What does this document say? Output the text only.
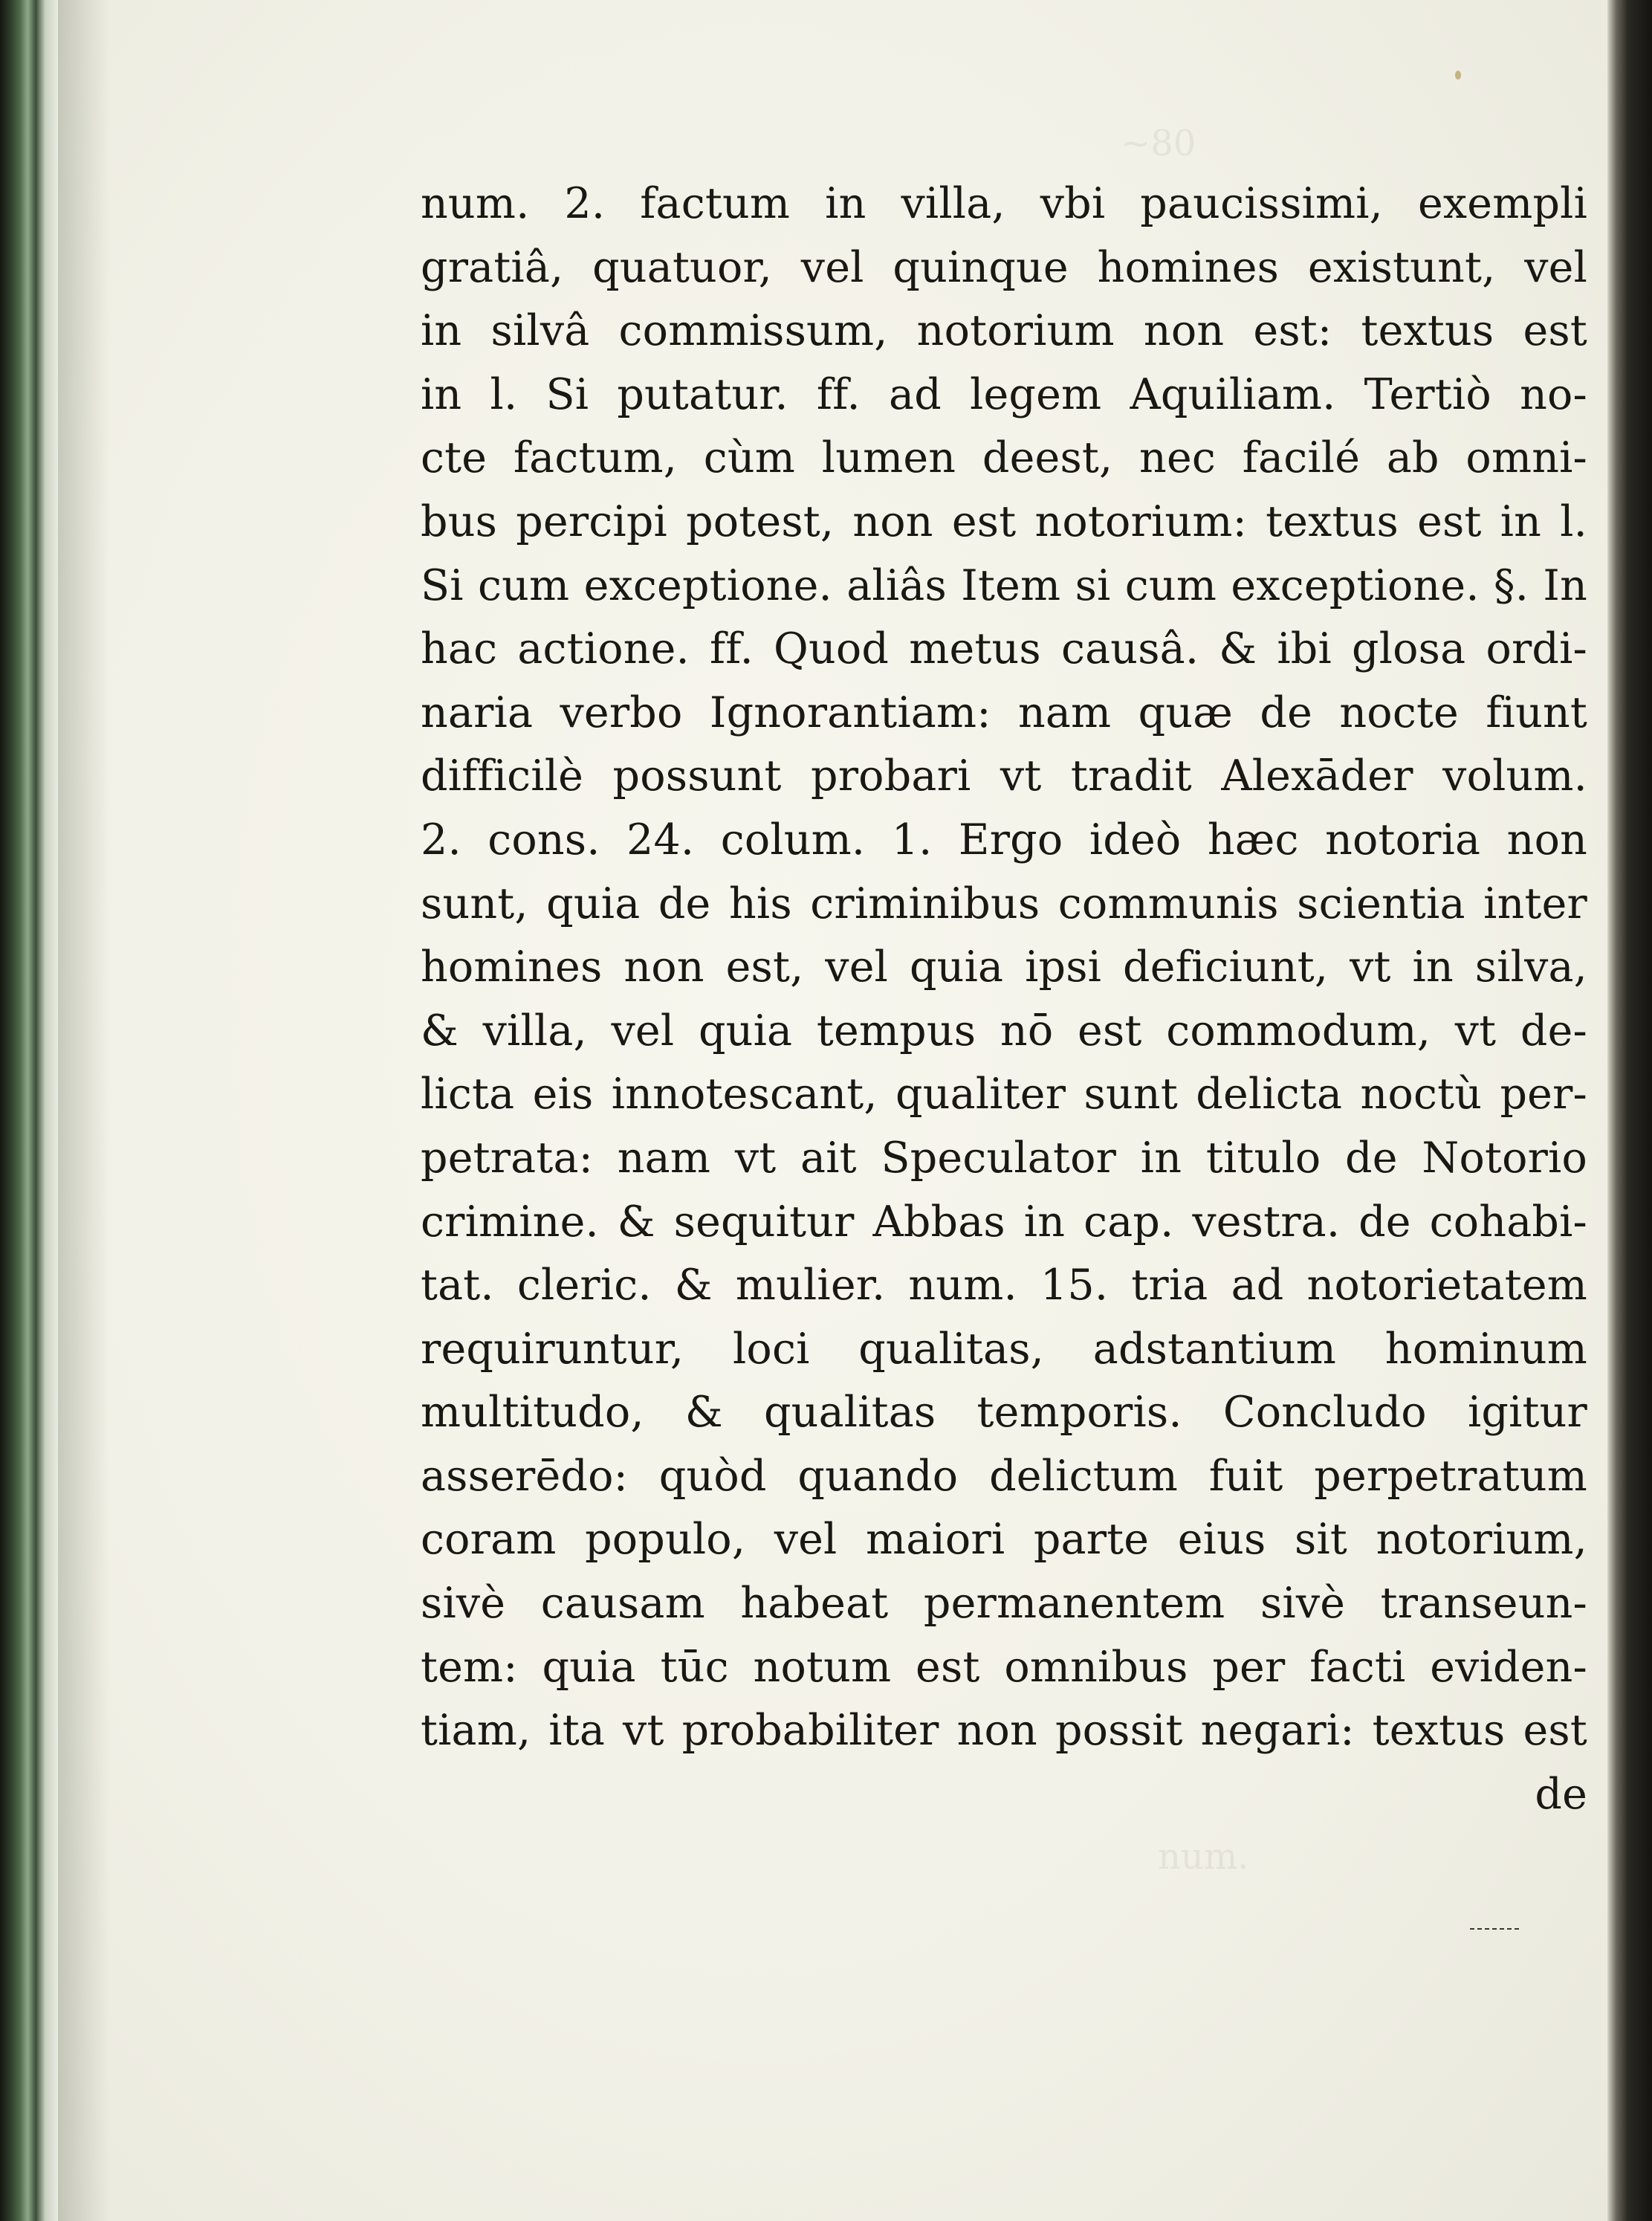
~80
num.
num. 2. factum in villa, vbi paucissimi, exempli
gratiâ, quatuor, vel quinque homines existunt, vel
in silvâ commissum, notorium non est: textus est
in l. Si putatur. ff. ad legem Aquiliam. Tertiò no-
cte factum, cùm lumen deest, nec facilé ab omni-
bus percipi potest, non est notorium: textus est in l.
Si cum exceptione. aliâs Item si cum exceptione. §. In
hac actione. ff. Quod metus causâ. & ibi glosa ordi-
naria verbo Ignorantiam: nam quæ de nocte fiunt
difficilè possunt probari vt tradit Alexāder volum.
2. cons. 24. colum. 1. Ergo ideò hæc notoria non
sunt, quia de his criminibus communis scientia inter
homines non est, vel quia ipsi deficiunt, vt in silva,
& villa, vel quia tempus nō est commodum, vt de-
licta eis innotescant, qualiter sunt delicta noctù per-
petrata: nam vt ait Speculator in titulo de Notorio
crimine. & sequitur Abbas in cap. vestra. de cohabi-
tat. cleric. & mulier. num. 15. tria ad notorietatem
requiruntur, loci qualitas, adstantium hominum
multitudo, & qualitas temporis. Concludo igitur
asserēdo: quòd quando delictum fuit perpetratum
coram populo, vel maiori parte eius sit notorium,
sivè causam habeat permanentem sivè transeun-
tem: quia tūc notum est omnibus per facti eviden-
tiam, ita vt probabiliter non possit negari: textus est
de
